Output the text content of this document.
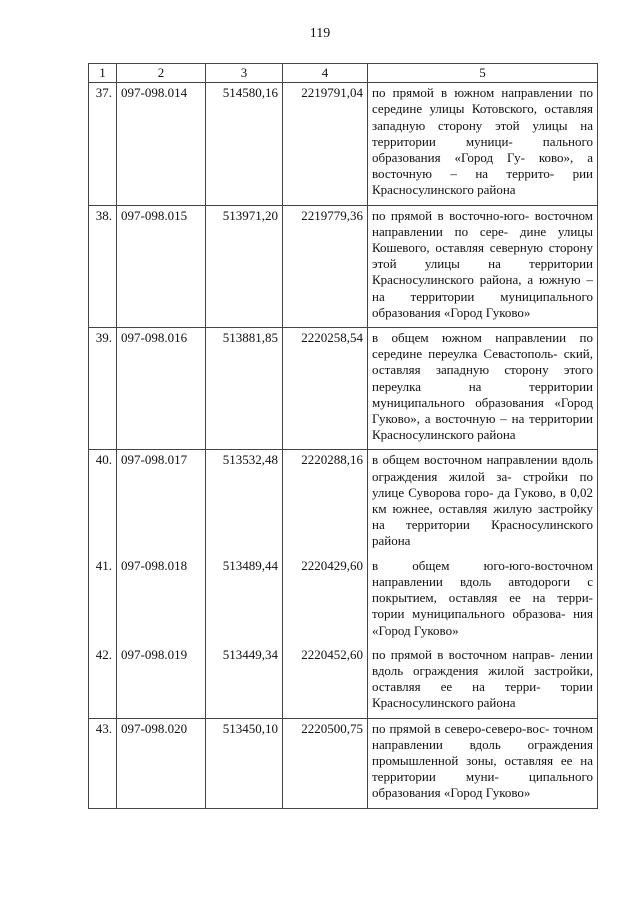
119
1	2	3	4	5
37.	097-098.014	514580,16	2219791,04	по прямой в южном направлении по середине улицы Котовского, оставляя западную сторону этой улицы на территории муници- пального образования «Город Гу- ково», а восточную – на террито- рии Красносулинского района
38.	097-098.015	513971,20	2219779,36	по прямой в восточно-юго- восточном направлении по сере- дине улицы Кошевого, оставляя северную сторону этой улицы на территории Красносулинского района, а южную – на территории муниципального образования «Город Гуково»
39.	097-098.016	513881,85	2220258,54	в общем южном направлении по середине переулка Севастополь- ский, оставляя западную сторону этого переулка на территории муниципального образования «Город Гуково», а восточную – на территории Красносулинского района
40.	097-098.017	513532,48	2220288,16	в общем восточном направлении вдоль ограждения жилой за- стройки по улице Суворова горо- да Гуково, в 0,02 км южнее, оставляя жилую застройку на территории Красносулинского района
41.	097-098.018	513489,44	2220429,60	в общем юго-юго-восточном направлении вдоль автодороги с покрытием, оставляя ее на терри- тории муниципального образова- ния «Город Гуково»
42.	097-098.019	513449,34	2220452,60	по прямой в восточном направ- лении вдоль ограждения жилой застройки, оставляя ее на терри- тории Красносулинского района
43.	097-098.020	513450,10	2220500,75	по прямой в северо-северо-вос- точном направлении вдоль ограждения промышленной зоны, оставляя ее на территории муни- ципального образования «Город Гуково»
